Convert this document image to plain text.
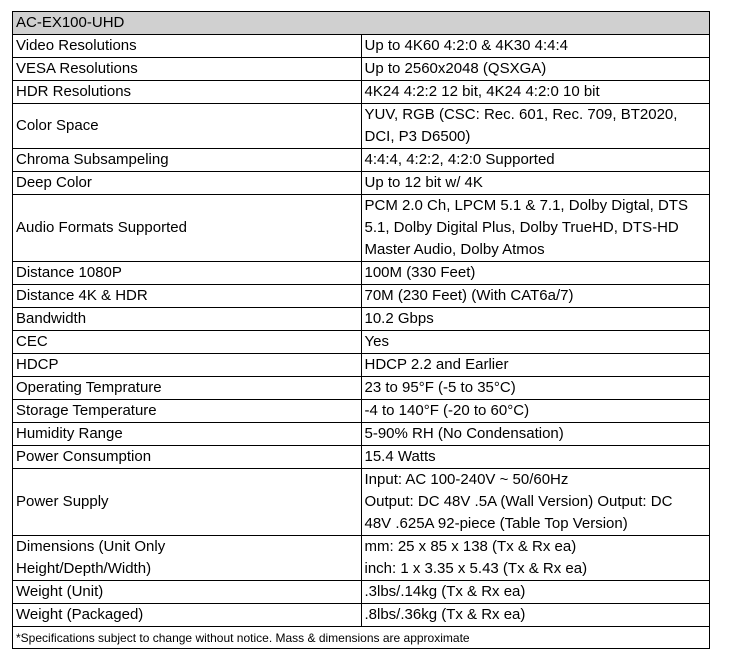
AC-EX100-UHD	

Video Resolutions	Up to 4K60 4:2:0 & 4K30 4:4:4

VESA Resolutions	Up to 2560x2048 (QSXGA)

HDR Resolutions	4K24 4:2:2 12 bit, 4K24 4:2:0 10 bit

Color Space	YUV, RGB (CSC: Rec. 601, Rec. 709, BT2020,
DCI, P3 D6500)

Chroma Subsampeling	4:4:4, 4:2:2, 4:2:0 Supported

Deep Color	Up to 12 bit w/ 4K

Audio Formats Supported	PCM 2.0 Ch, LPCM 5.1 & 7.1, Dolby Digtal, DTS
5.1, Dolby Digital Plus, Dolby TrueHD, DTS-HD
Master Audio, Dolby Atmos

Distance 1080P	100M (330 Feet)

Distance 4K & HDR	70M (230 Feet) (With CAT6a/7)

Bandwidth	10.2 Gbps

CEC	Yes

HDCP	HDCP 2.2 and Earlier

Operating Temprature	23 to 95°F (-5 to 35°C)

Storage Temperature	-4 to 140°F (-20 to 60°C)

Humidity Range	5-90% RH (No Condensation)

Power Consumption	15.4 Watts

Power Supply	Input: AC 100-240V ~ 50/60Hz
Output: DC 48V .5A (Wall Version) Output: DC
48V .625A 92-piece (Table Top Version)

Dimensions (Unit Only
Height/Depth/Width)	mm: 25 x 85 x 138 (Tx & Rx ea)
inch: 1 x 3.35 x 5.43 (Tx & Rx ea)

Weight (Unit)	.3lbs/.14kg (Tx & Rx ea)

Weight (Packaged)	.8lbs/.36kg (Tx & Rx ea)

*Specifications subject to change without notice. Mass & dimensions are approximate	
